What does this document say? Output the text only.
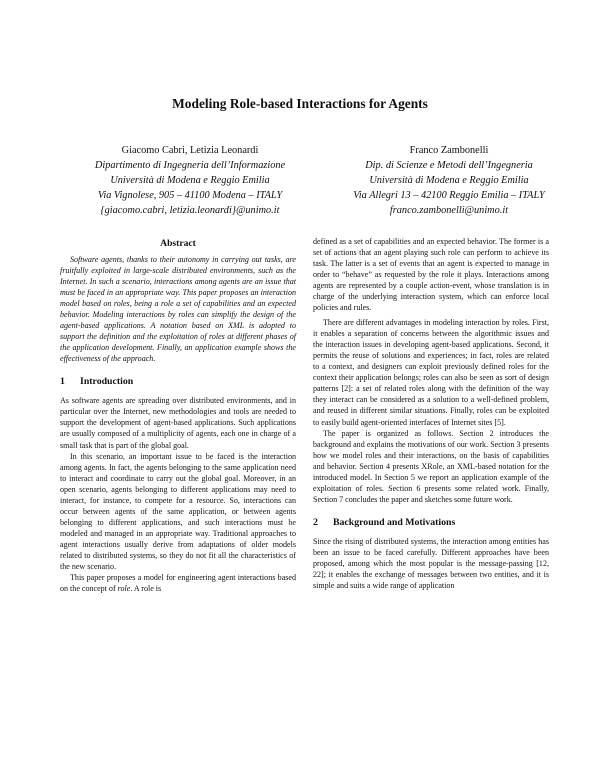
Modeling Role-based Interactions for Agents
Giacomo Cabri, Letizia Leonardi
Dipartimento di Ingegneria dell’Informazione
Università di Modena e Reggio Emilia
Via Vignolese, 905 – 41100 Modena – ITALY
{giacomo.cabri, letizia.leonardi}@unimo.it
Franco Zambonelli
Dip. di Scienze e Metodi dell’Ingegneria
Università di Modena e Reggio Emilia
Via Allegri 13 – 42100 Reggio Emilia – ITALY
franco.zambonelli@unimo.it
Abstract

Software agents, thanks to their autonomy in carrying out tasks, are fruitfully exploited in large-scale distributed environments, such as the Internet. In such a scenario, interactions among agents are an issue that must be faced in an appropriate way. This paper proposes an interaction model based on roles, being a role a set of capabilities and an expected behavior. Modeling interactions by roles can simplify the design of the agent-based applications. A notation based on XML is adopted to support the definition and the exploitation of roles at different phases of the application development. Finally, an application example shows the effectiveness of the approach.

1 Introduction

As software agents are spreading over distributed environments, and in particular over the Internet, new methodologies and tools are needed to support the development of agent-based applications. Such applications are usually composed of a multiplicity of agents, each one in charge of a small task that is part of the global goal.

In this scenario, an important issue to be faced is the interaction among agents. In fact, the agents belonging to the same application need to interact and coordinate to carry out the global goal. Moreover, in an open scenario, agents belonging to different applications may need to interact, for instance, to compete for a resource. So, interactions can occur between agents of the same application, or between agents belonging to different applications, and such interactions must be modeled and managed in an appropriate way. Traditional approaches to agent interactions usually derive from adaptations of older models related to distributed systems, so they do not fit all the characteristics of the new scenario.

This paper proposes a model for engineering agent interactions based on the concept of role. A role is

defined as a set of capabilities and an expected behavior. The former is a set of actions that an agent playing such role can perform to achieve its task. The latter is a set of events that an agent is expected to manage in order to “behave” as requested by the role it plays. Interactions among agents are represented by a couple action-event, whose translation is in charge of the underlying interaction system, which can enforce local policies and rules.

There are different advantages in modeling interaction by roles. First, it enables a separation of concerns between the algorithmic issues and the interaction issues in developing agent-based applications. Second, it permits the reuse of solutions and experiences; in fact, roles are related to a context, and designers can exploit previously defined roles for the context their application belongs; roles can also be seen as sort of design patterns [2]: a set of related roles along with the definition of the way they interact can be considered as a solution to a well-defined problem, and reused in different similar situations. Finally, roles can be exploited to easily build agent-oriented interfaces of Internet sites [5].

The paper is organized as follows. Section 2 introduces the background and explains the motivations of our work. Section 3 presents how we model roles and their interactions, on the basis of capabilities and behavior. Section 4 presents XRole, an XML-based notation for the introduced model. In Section 5 we report an application example of the exploitation of roles. Section 6 presents some related work. Finally, Section 7 concludes the paper and sketches some future work.

2 Background and Motivations

Since the rising of distributed systems, the interaction among entities has been an issue to be faced carefully. Different approaches have been proposed, among which the most popular is the message-passing [12, 22]; it enables the exchange of messages between two entities, and it is simple and suits a wide range of application
